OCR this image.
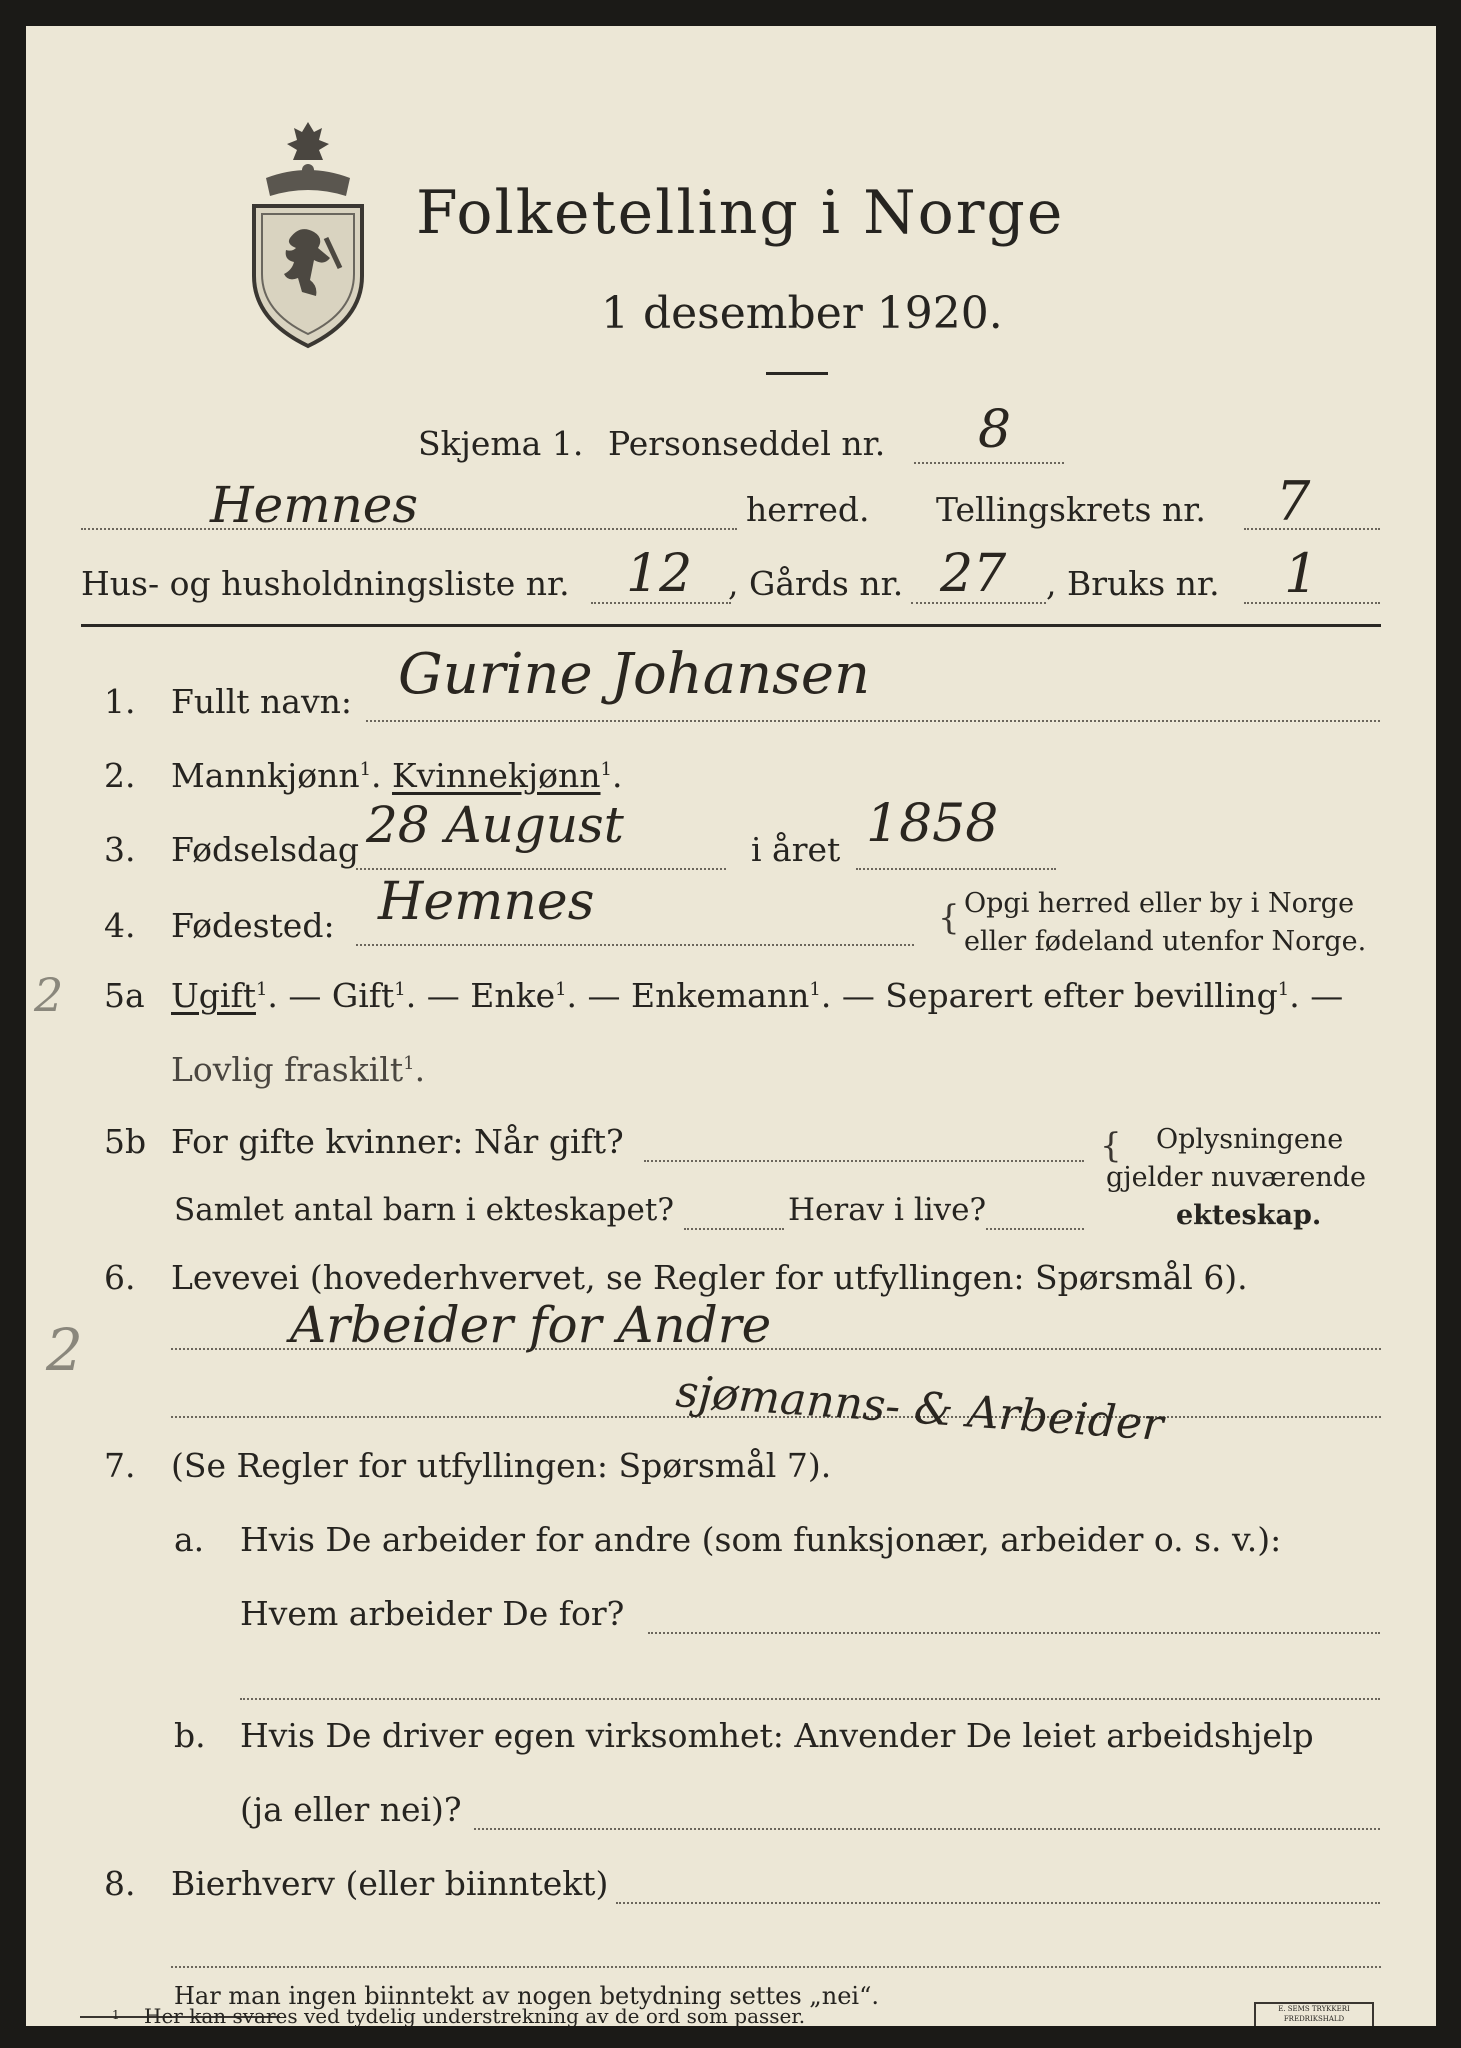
Folketelling i Norge
1 desember 1920.
Skjema 1. Personseddel nr. 8
Hemnes	herred. Tellingskrets nr. 7
Hus- og husholdningsliste nr. 12 , Gårds nr. 27 , Bruks nr. 1
1. Fullt navn: Gurine Johansen
2. Mannkjønn$^1$. Kvinnekjønn$^1$.
3. Fødselsdag 28 August	i året 1858
4. Fødested: Hemnes	{ Opgi herred eller by i Norge
eller fødeland utenfor Norge.
2 5a Ugift$^1$. — Gift$^1$. — Enke$^1$. — Enkemann$^1$. — Separert efter bevilling$^1$. —
Lovlig fraskilt$^1$.
5b For gifte kvinner: Når gift?
Samlet antal barn i ekteskapet?	Herav i live?
{ Oplysningene
gjelder nuværende
ekteskap.
6. Levevei (hovederhvervet, se Regler for utfyllingen: Spørsmål 6).
2	Arbeider for Andre
sjømanns- & Arbeider
7. (Se Regler for utfyllingen: Spørsmål 7).
a. Hvis De arbeider for andre (som funksjonær, arbeider o. s. v.):
Hvem arbeider De for?
b. Hvis De driver egen virksomhet: Anvender De leiet arbeidshjelp
(ja eller nei)?
8. Bierhverv (eller biinntekt)
Har man ingen biinntekt av nogen betydning settes „nei“.
1 Her kan svares ved tydelig understrekning av de ord som passer.	E. SEMS TRYKKERI
FREDRIKSHALD
